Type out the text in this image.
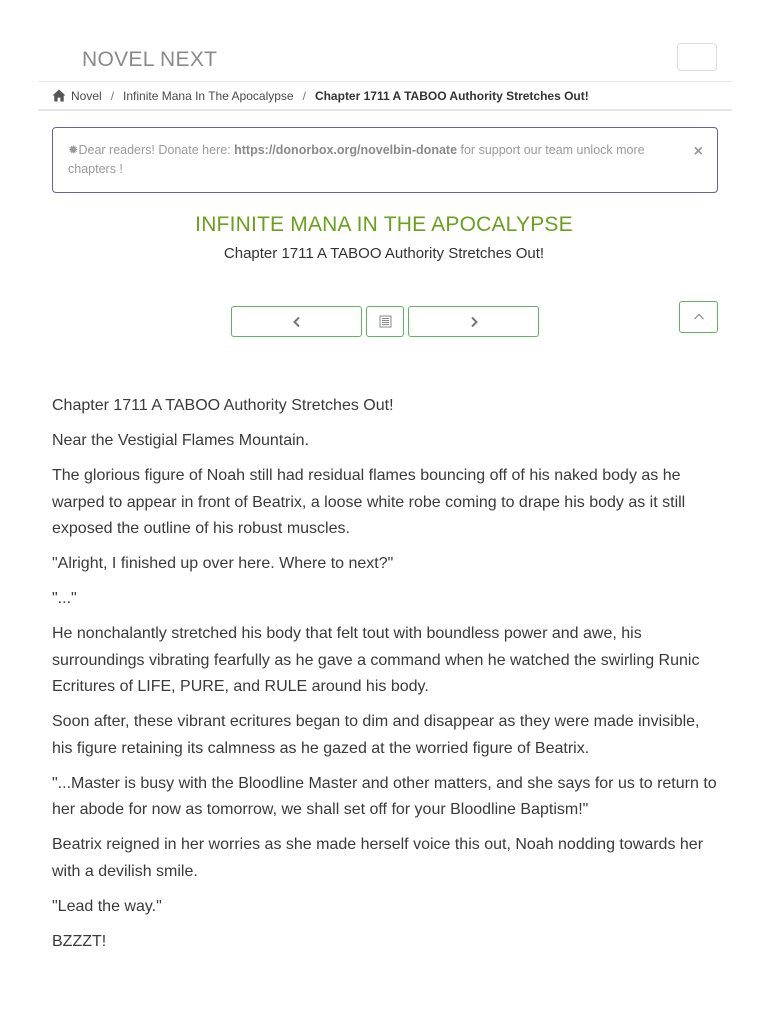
NOVEL NEXT
Novel / Infinite Mana In The Apocalypse / Chapter 1711 A TABOO Authority Stretches Out!
✹Dear readers! Donate here: https://donorbox.org/novelbin-donate for support our team unlock more chapters !
×
INFINITE MANA IN THE APOCALYPSE
Chapter 1711 A TABOO Authority Stretches Out!

Chapter 1711 A TABOO Authority Stretches Out!

Near the Vestigial Flames Mountain.

The glorious figure of Noah still had residual flames bouncing off of his naked body as he warped to appear in front of Beatrix, a loose white robe coming to drape his body as it still exposed the outline of his robust muscles.

"Alright, I finished up over here. Where to next?"

"..."

He nonchalantly stretched his body that felt tout with boundless power and awe, his surroundings vibrating fearfully as he gave a command when he watched the swirling Runic Ecritures of LIFE, PURE, and RULE around his body.

Soon after, these vibrant ecritures began to dim and disappear as they were made invisible, his figure retaining its calmness as he gazed at the worried figure of Beatrix.

"...Master is busy with the Bloodline Master and other matters, and she says for us to return to her abode for now as tomorrow, we shall set off for your Bloodline Baptism!"

Beatrix reigned in her worries as she made herself voice this out, Noah nodding towards her with a devilish smile.

"Lead the way."

BZZZT!
